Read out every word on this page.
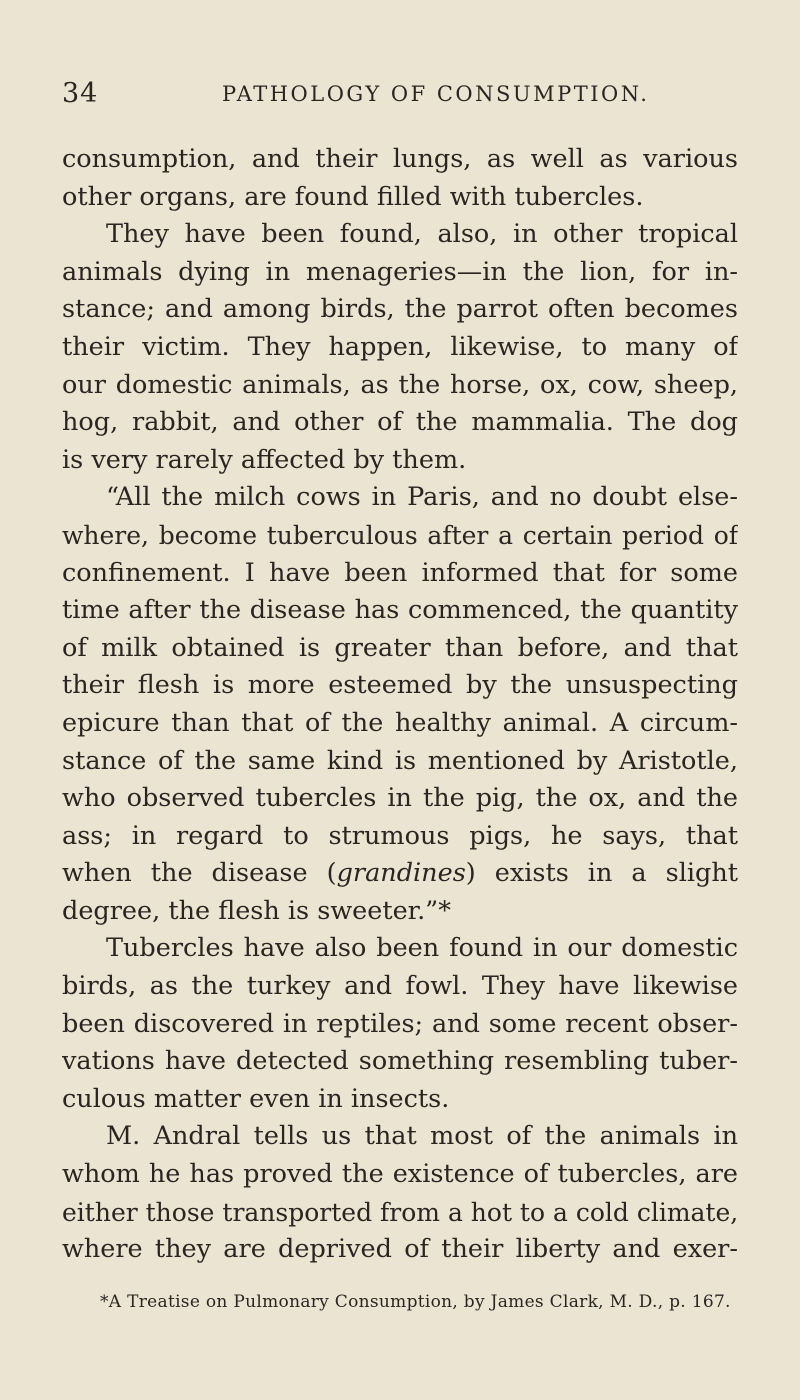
34	PATHOLOGY OF CONSUMPTION.
consumption, and their lungs, as well as various
other organs, are found filled with tubercles.
They have been found, also, in other tropical
animals dying in menageries—in the lion, for in-
stance; and among birds, the parrot often becomes
their victim. They happen, likewise, to many of
our domestic animals, as the horse, ox, cow, sheep,
hog, rabbit, and other of the mammalia. The dog
is very rarely affected by them.
“All the milch cows in Paris, and no doubt else-
where, become tuberculous after a certain period of
confinement. I have been informed that for some
time after the disease has commenced, the quantity
of milk obtained is greater than before, and that
their flesh is more esteemed by the unsuspecting
epicure than that of the healthy animal. A circum-
stance of the same kind is mentioned by Aristotle,
who observed tubercles in the pig, the ox, and the
ass; in regard to strumous pigs, he says, that
when the disease (grandines) exists in a slight
degree, the flesh is sweeter.”*
Tubercles have also been found in our domestic
birds, as the turkey and fowl. They have likewise
been discovered in reptiles; and some recent obser-
vations have detected something resembling tuber-
culous matter even in insects.
M. Andral tells us that most of the animals in
whom he has proved the existence of tubercles, are
either those transported from a hot to a cold climate,
where they are deprived of their liberty and exer-
*A Treatise on Pulmonary Consumption, by James Clark, M. D., p. 167.
